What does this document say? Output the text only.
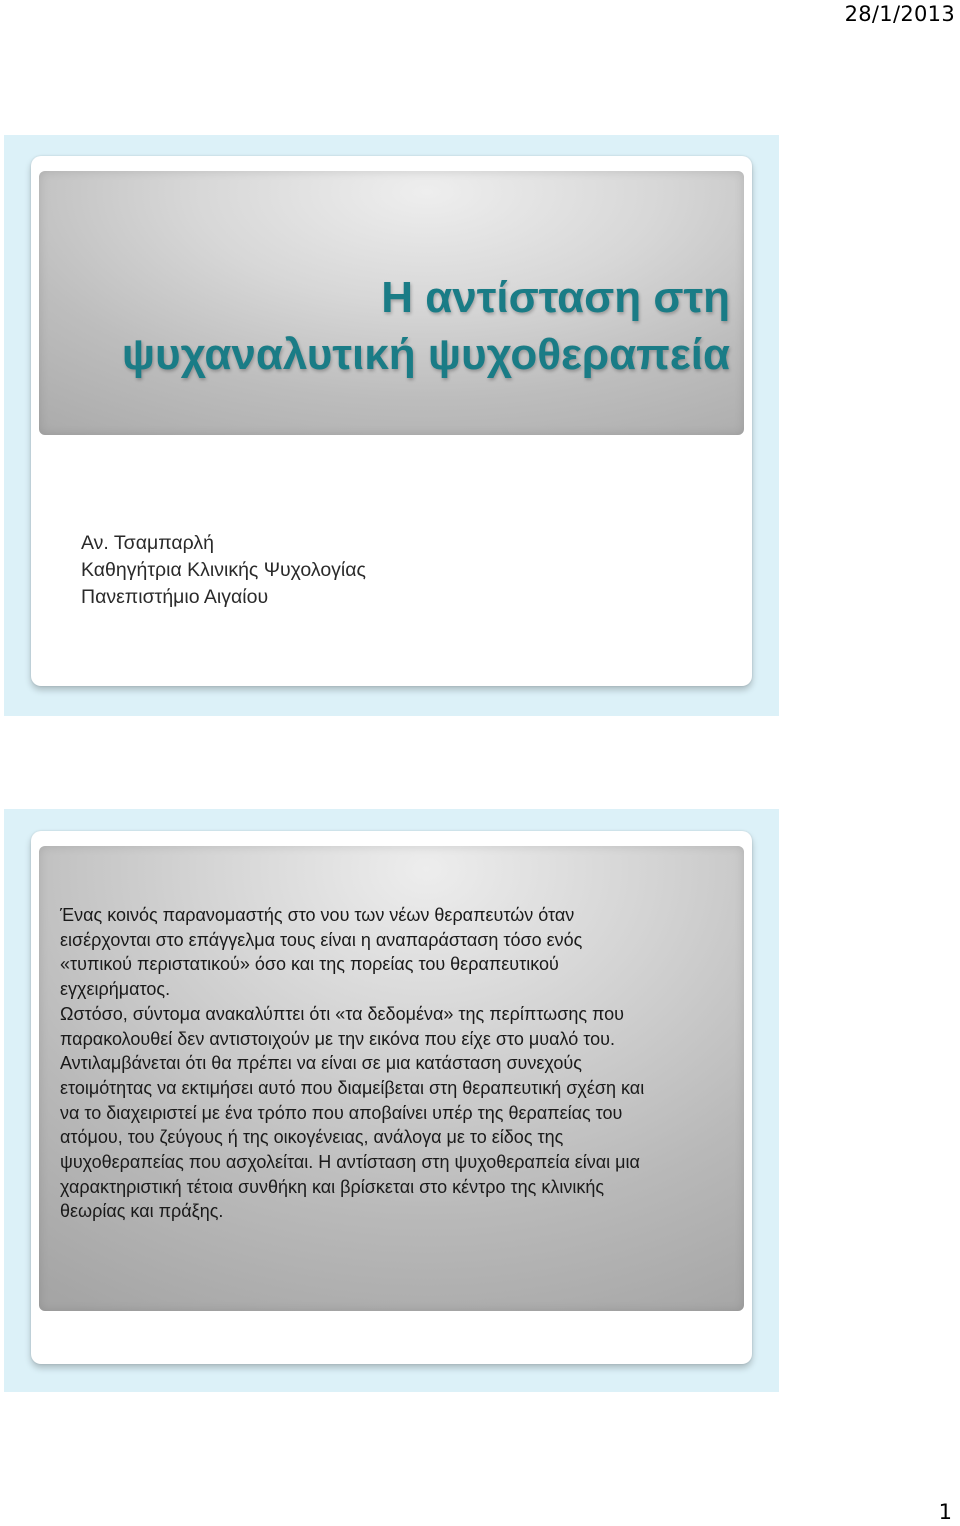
28/1/2013
Η αντίσταση στη
ψυχαναλυτική ψυχοθεραπεία
Αν. Τσαμπαρλή
Καθηγήτρια Κλινικής Ψυχολογίας
Πανεπιστήμιο Αιγαίου
Ένας κοινός παρανομαστής στο νου των νέων θεραπευτών όταν
εισέρχονται στο επάγγελμα τους είναι η αναπαράσταση τόσο ενός
«τυπικού περιστατικού» όσο και της πορείας του θεραπευτικού
εγχειρήματος.
Ωστόσο, σύντομα ανακαλύπτει ότι «τα δεδομένα» της περίπτωσης που
παρακολουθεί δεν αντιστοιχούν με την εικόνα που είχε στο μυαλό του.
Αντιλαμβάνεται ότι θα πρέπει να είναι σε μια κατάσταση συνεχούς
ετοιμότητας να εκτιμήσει αυτό που διαμείβεται στη θεραπευτική σχέση και
να το διαχειριστεί με ένα τρόπο που αποβαίνει υπέρ της θεραπείας του
ατόμου, του ζεύγους ή της οικογένειας, ανάλογα με το είδος της
ψυχοθεραπείας που ασχολείται. Η αντίσταση στη ψυχοθεραπεία είναι μια
χαρακτηριστική τέτοια συνθήκη και βρίσκεται στο κέντρο της κλινικής
θεωρίας και πράξης.
1
